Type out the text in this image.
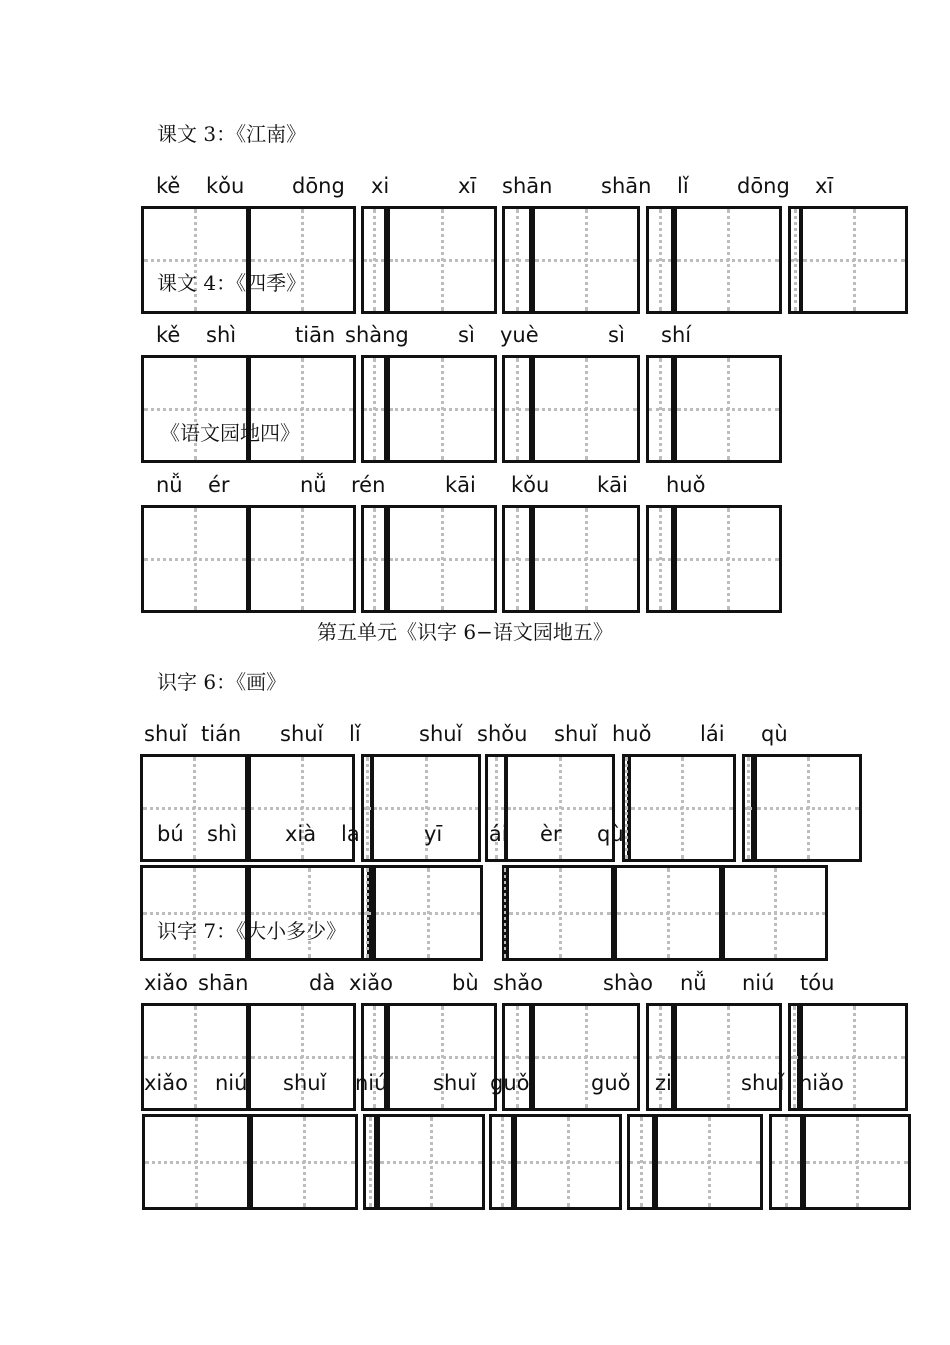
课文 3：《江南》
课文 4：《四季》
《语文园地四》
第五单元《识字 6−语文园地五》
识字 6：《画》
识字 7：《大小多少》
kě kǒu dōng xi	xī shān shān lǐ dōng xī
kě shì	tiān shàng sì yuè	sì shí
nǚ ér	nǚ rén	kāi kǒu kāi huǒ
shuǐ tián shuǐ lǐ	shuǐ shǒu shuǐ huǒ lái qù
bú shì xià lai	yī lái èr qù
xiǎo shān	dà xiǎo	bù shǎo	shào nǚ niú tóu
xiǎo niú shuǐ niú shuǐ guǒ	guǒ zi	shuǐ niǎo
